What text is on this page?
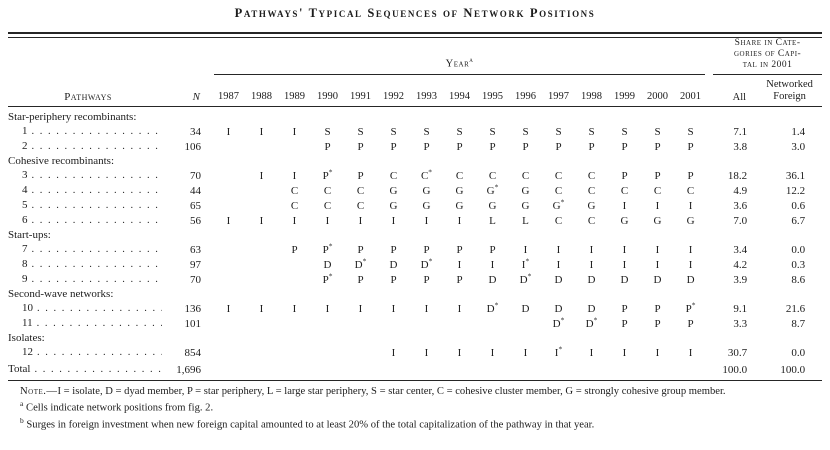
Pathways' Typical Sequences of Network Positions
Pathways	N	Year$^a$															Share in Cate-
gories of Capi-
tal in 2001	

		1987	1988	1989	1990	1991	1992	1993	1994	1995	1996	1997	1998	1999	2000	2001	All	Networked
Foreign

Star-periphery recombinants:																		

1
. . .	34	I	I	I	S	S	S	S	S	S	S	S	S	S	S	S	7.1	1.4

2
. . .	106				P	P	P	P	P	P	P	P	P	P	P	P	3.8	3.0
Cohesive recombinants:																		

3
. . .	70		I	I	P*	P	C	C*	C	C	C	C	C	P	P	P	18.2	36.1

4
. . .	44			C	C	C	G	G	G	G*	G	C	C	C	C	C	4.9	12.2

5
. . .	65			C	C	C	G	G	G	G	G	G*	G	I	I	I	3.6	0.6

6
. . .	56	I	I	I	I	I	I	I	I	L	L	C	C	G	G	G	7.0	6.7
Start-ups:																		

7
. . .	63			P	P*	P	P	P	P	P	I	I	I	I	I	I	3.4	0.0

8
. . .	97				D	D*	D	D*	I	I	I*	I	I	I	I	I	4.2	0.3

9
. . .	70				P*	P	P	P	P	D	D*	D	D	D	D	D	3.9	8.6
Second-wave networks:																		

10
. . .	136	I	I	I	I	I	I	I	I	D*	D	D	D	P	P	P*	9.1	21.6

11
. . .	101											D*	D*	P	P	P	3.3	8.7
Isolates:																		

12
. . .	854						I	I	I	I	I	I*	I	I	I	I	30.7	0.0

Total
. . .	1,696																100.0	100.0

Note.—I = isolate, D = dyad member, P = star periphery, L = large star periphery, S = star center, C = cohesive cluster member, G = strongly cohesive group member.

$^a$ Cells indicate network positions from fig. 2.

$^b$ Surges in foreign investment when new foreign capital amounted to at least 20% of the total capitalization of the pathway in that year.
